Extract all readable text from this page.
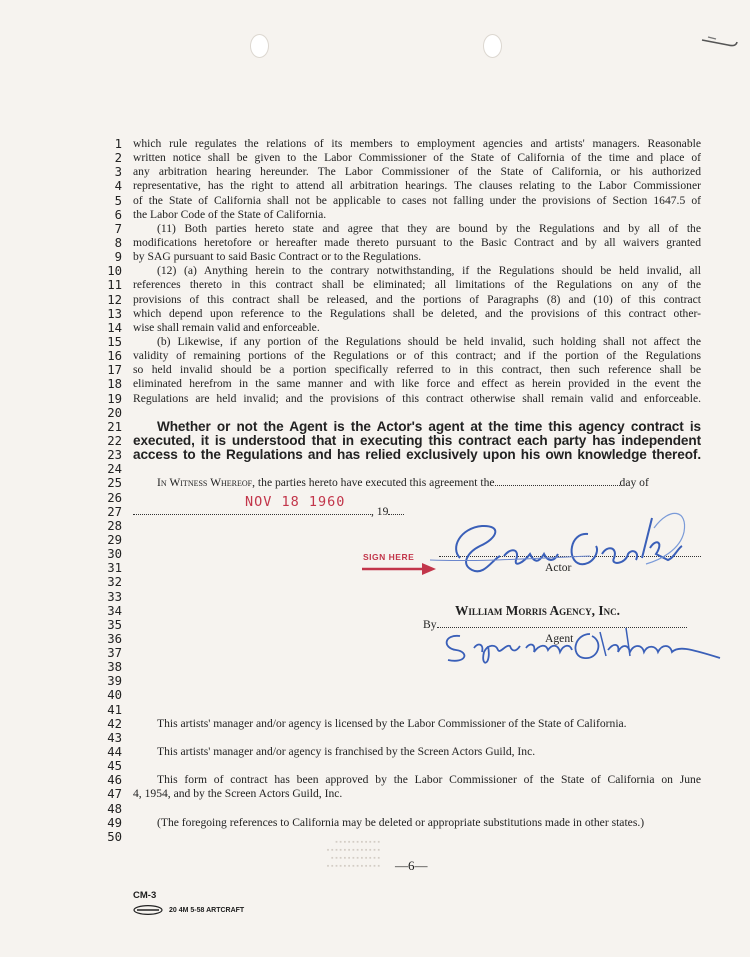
1
2
3
4
5
6
7
8
9
10
11
12
13
14
15
16
17
18
19
20
21
22
23
24
25
26
27
28
29
30
31
32
33
34
35
36
37
38
39
40
41
42
43
44
45
46
47
48
49
50
which rule regulates the relations of its members to employment agencies and artists' managers. Reasonable
written notice shall be given to the Labor Commissioner of the State of California of the time and place of
any arbitration hearing hereunder. The Labor Commissioner of the State of California, or his authorized
representative, has the right to attend all arbitration hearings. The clauses relating to the Labor Commissioner
of the State of California shall not be applicable to cases not falling under the provisions of Section 1647.5 of
the Labor Code of the State of California.
(11) Both parties hereto state and agree that they are bound by the Regulations and by all of the
modifications heretofore or hereafter made thereto pursuant to the Basic Contract and by all waivers granted
by SAG pursuant to said Basic Contract or to the Regulations.
(12) (a) Anything herein to the contrary notwithstanding, if the Regulations should be held invalid, all
references thereto in this contract shall be eliminated; all limitations of the Regulations on any of the
provisions of this contract shall be released, and the portions of Paragraphs (8) and (10) of this contract
which depend upon reference to the Regulations shall be deleted, and the provisions of this contract other-
wise shall remain valid and enforceable.
(b) Likewise, if any portion of the Regulations should be held invalid, such holding shall not affect the
validity of remaining portions of the Regulations or of this contract; and if the portion of the Regulations
so held invalid should be a portion specifically referred to in this contract, then such reference shall be
eliminated herefrom in the same manner and with like force and effect as herein provided in the event the
Regulations are held invalid; and the provisions of this contract otherwise shall remain valid and enforceable.
Whether or not the Agent is the Actor's agent at the time this agency contract is
executed, it is understood that in executing this contract each party has independent
access to the Regulations and has relied exclusively upon his own knowledge thereof.
In Witness Whereof, the parties hereto have executed this agreement the	day of
, 19
Actor
William Morris Agency, Inc.
By
Agent
This artists' manager and/or agency is licensed by the Labor Commissioner of the State of California.
This artists' manager and/or agency is franchised by the Screen Actors Guild, Inc.
This form of contract has been approved by the Labor Commissioner of the State of California on June
4, 1954, and by the Screen Actors Guild, Inc.
(The foregoing references to California may be deleted or appropriate substitutions made in other states.)
NOV 18 1960
SIGN HERE
▪ ▪ ▪ ▪ ▪ ▪ ▪ ▪ ▪ ▪ ▪
▪ ▪ ▪ ▪ ▪ ▪ ▪ ▪ ▪ ▪ ▪ ▪ ▪
▪ ▪ ▪ ▪ ▪ ▪ ▪ ▪ ▪ ▪ ▪ ▪
▪ ▪ ▪ ▪ ▪ ▪ ▪ ▪ ▪ ▪ ▪ ▪ ▪ —6—
CM-3
20 4M 5-58 ARTCRAFT
